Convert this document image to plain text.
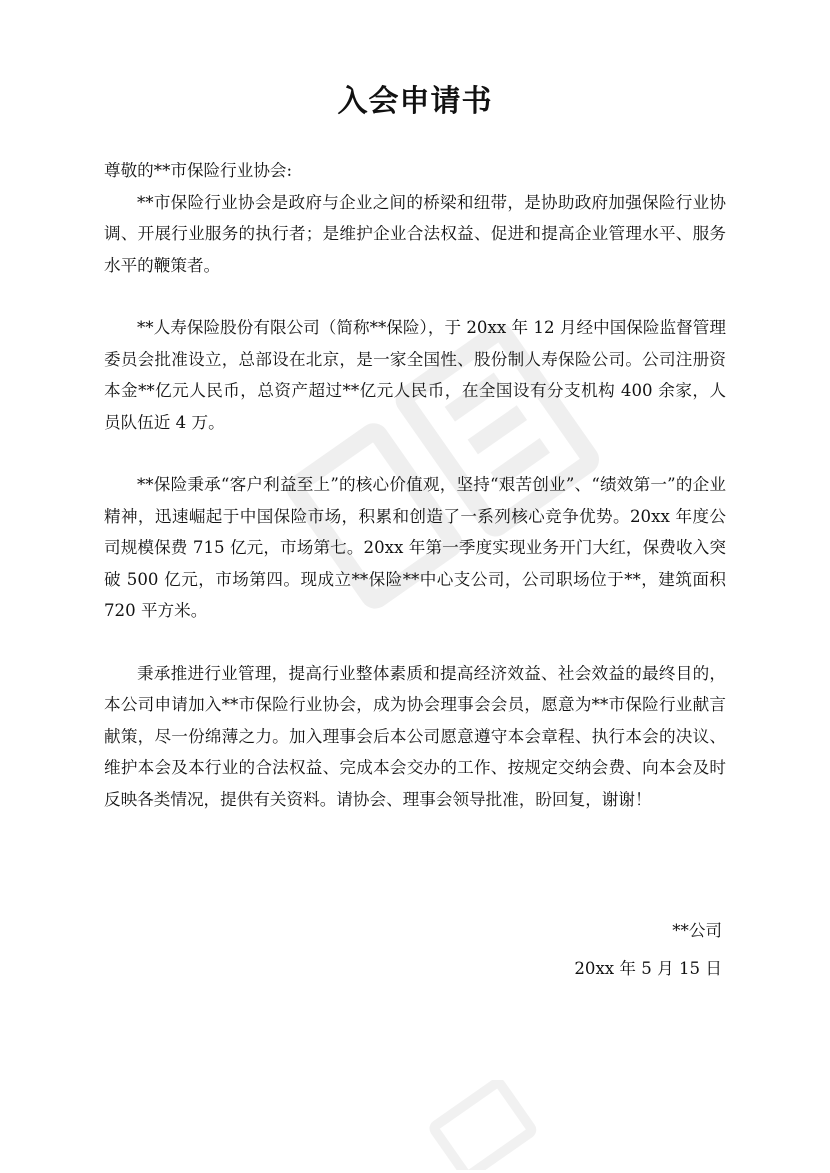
入会申请书

尊敬的**市保险行业协会:

**市保险行业协会是政府与企业之间的桥梁和纽带，是协助政府加强保险行业协调、开展行业服务的执行者；是维护企业合法权益、促进和提高企业管理水平、服务水平的鞭策者。

**人寿保险股份有限公司（简称**保险），于 20xx 年 12 月经中国保险监督管理委员会批准设立，总部设在北京，是一家全国性、股份制人寿保险公司。公司注册资本金**亿元人民币，总资产超过**亿元人民币，在全国设有分支机构 400 余家，人员队伍近 4 万。

**保险秉承“客户利益至上”的核心价值观，坚持“艰苦创业”、“绩效第一”的企业精神，迅速崛起于中国保险市场，积累和创造了一系列核心竞争优势。20xx 年度公司规模保费 715 亿元，市场第七。20xx 年第一季度实现业务开门大红，保费收入突破 500 亿元，市场第四。现成立**保险**中心支公司，公司职场位于**，建筑面积 720 平方米。

秉承推进行业管理，提高行业整体素质和提高经济效益、社会效益的最终目的，本公司申请加入**市保险行业协会，成为协会理事会会员，愿意为**市保险行业献言献策，尽一份绵薄之力。加入理事会后本公司愿意遵守本会章程、执行本会的决议、维护本会及本行业的合法权益、完成本会交办的工作、按规定交纳会费、向本会及时反映各类情况，提供有关资料。请协会、理事会领导批准，盼回复，谢谢！

**公司
20xx 年 5 月 15 日
